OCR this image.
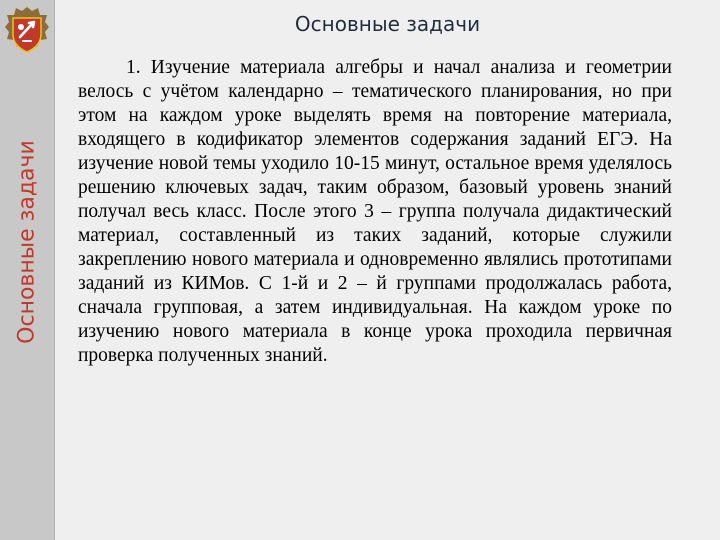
Основные задачи
Основные задачи

1. Изучение материала алгебры и начал анализа и геометрии велось с учётом календарно – тематического планирования, но при этом на каждом уроке выделять время на повторение материала, входящего в кодификатор элементов содержания заданий ЕГЭ. На изучение новой темы уходило 10-15 минут, остальное время уделялось решению ключевых задач, таким образом, базовый уровень знаний получал весь класс. После этого 3 – группа получала дидактический материал, составленный из таких заданий, которые служили закреплению нового материала и одновременно являлись прототипами заданий из КИМов. С 1-й и 2 – й группами продолжалась работа, сначала групповая, а затем индивидуальная. На каждом уроке по изучению нового материала в конце урока проходила первичная проверка полученных знаний.
